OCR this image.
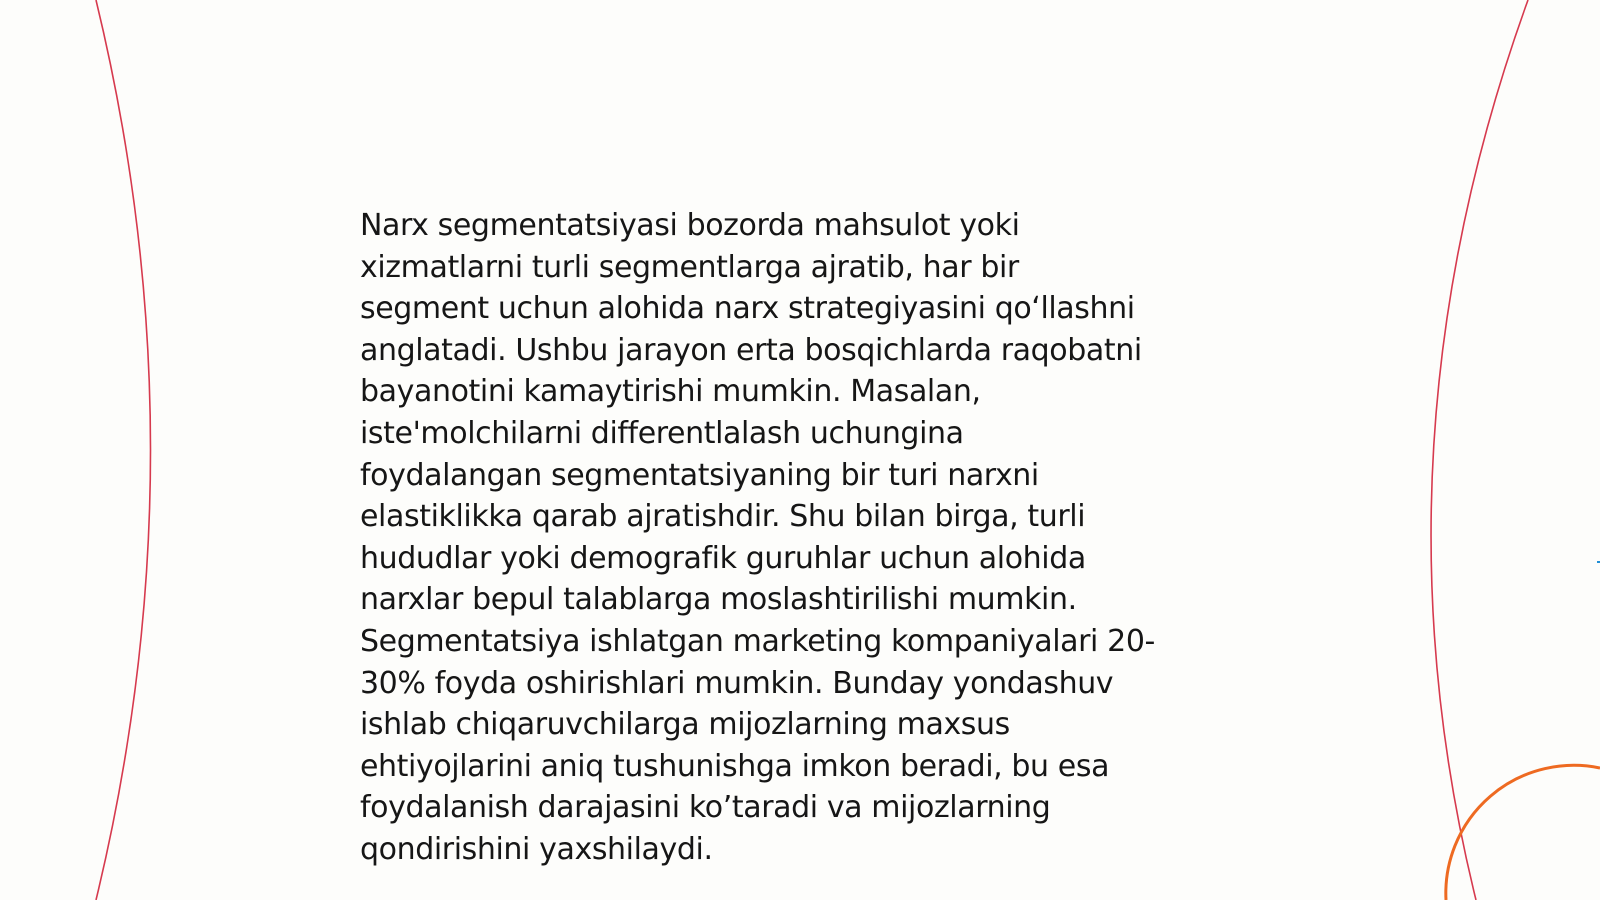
Narx segmentatsiyasi bozorda mahsulot yoki
xizmatlarni turli segmentlarga ajratib, har bir
segment uchun alohida narx strategiyasini qo‘llashni
anglatadi. Ushbu jarayon erta bosqichlarda raqobatni
bayanotini kamaytirishi mumkin. Masalan,
iste'molchilarni differentlalash uchungina
foydalangan segmentatsiyaning bir turi narxni
elastiklikka qarab ajratishdir. Shu bilan birga, turli
hududlar yoki demografik guruhlar uchun alohida
narxlar bepul talablarga moslashtirilishi mumkin.
Segmentatsiya ishlatgan marketing kompaniyalari 20-
30% foyda oshirishlari mumkin. Bunday yondashuv
ishlab chiqaruvchilarga mijozlarning maxsus
ehtiyojlarini aniq tushunishga imkon beradi, bu esa
foydalanish darajasini ko’taradi va mijozlarning
qondirishini yaxshilaydi.
